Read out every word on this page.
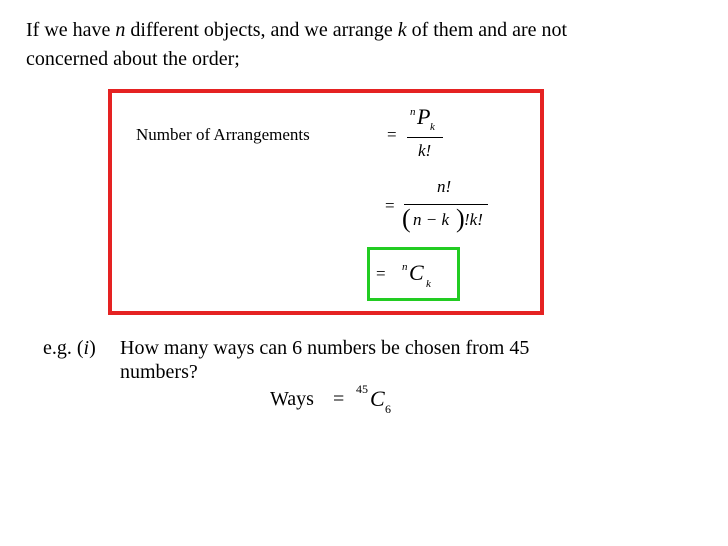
If we have n different objects, and we arrange k of them and are not
concerned about the order;
Number of Arrangements	=
n P k
k!
=
n!
( n − k ) !k!
= n C k
e.g. (i) How many ways can 6 numbers be chosen from 45
numbers?
Ways = 45 C 6
